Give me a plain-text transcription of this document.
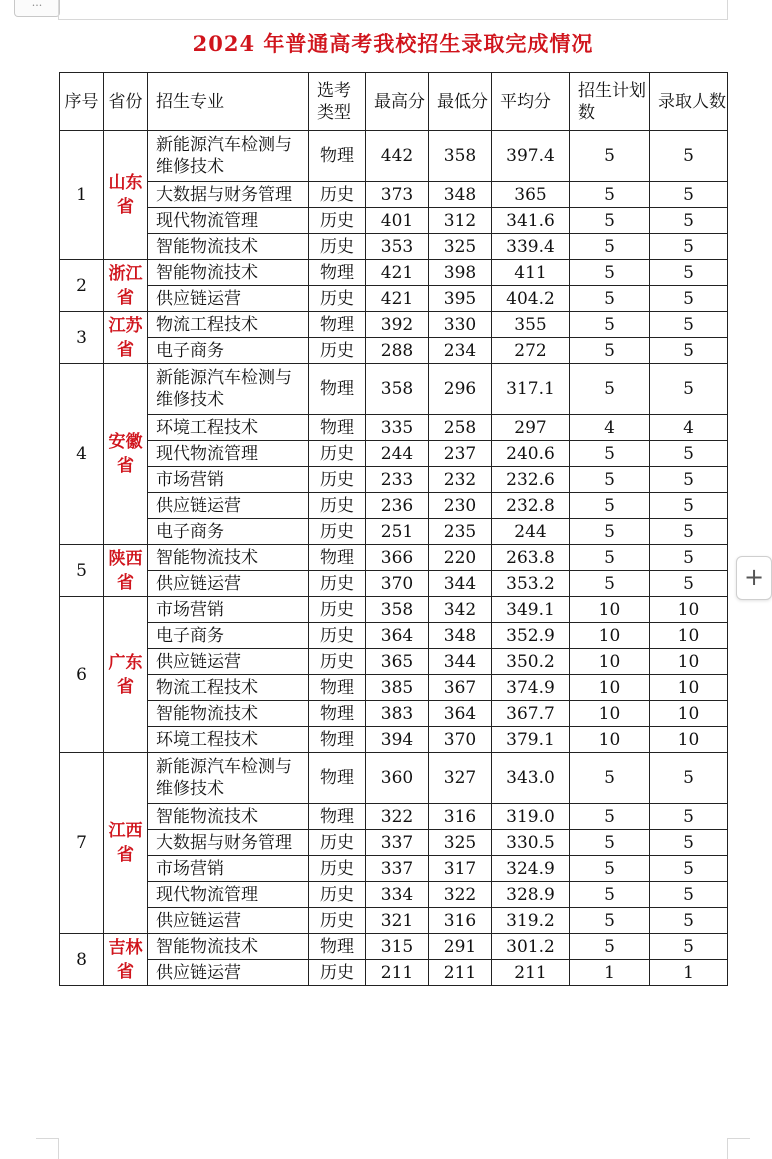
···
2024 年普通高考我校招生录取完成情况
序号	省份	招生专业	选考类型	最高分	最低分	平均分	招生计划数	录取人数
1	山东省	新能源汽车检测与维修技术	物理	442	358	397.4	5	5
		大数据与财务管理	历史	373	348	365	5	5
		现代物流管理	历史	401	312	341.6	5	5
		智能物流技术	历史	353	325	339.4	5	5
2	浙江省	智能物流技术	物理	421	398	411	5	5
		供应链运营	历史	421	395	404.2	5	5
3	江苏省	物流工程技术	物理	392	330	355	5	5
		电子商务	历史	288	234	272	5	5
4	安徽省	新能源汽车检测与维修技术	物理	358	296	317.1	5	5
		环境工程技术	物理	335	258	297	4	4
		现代物流管理	历史	244	237	240.6	5	5
		市场营销	历史	233	232	232.6	5	5
		供应链运营	历史	236	230	232.8	5	5
		电子商务	历史	251	235	244	5	5
5	陕西省	智能物流技术	物理	366	220	263.8	5	5
		供应链运营	历史	370	344	353.2	5	5
6	广东省	市场营销	历史	358	342	349.1	10	10
		电子商务	历史	364	348	352.9	10	10
		供应链运营	历史	365	344	350.2	10	10
		物流工程技术	物理	385	367	374.9	10	10
		智能物流技术	物理	383	364	367.7	10	10
		环境工程技术	物理	394	370	379.1	10	10
7	江西省	新能源汽车检测与维修技术	物理	360	327	343.0	5	5
		智能物流技术	物理	322	316	319.0	5	5
		大数据与财务管理	历史	337	325	330.5	5	5
		市场营销	历史	337	317	324.9	5	5
		现代物流管理	历史	334	322	328.9	5	5
		供应链运营	历史	321	316	319.2	5	5
8	吉林省	智能物流技术	物理	315	291	301.2	5	5
		供应链运营	历史	211	211	211	1	1
+
